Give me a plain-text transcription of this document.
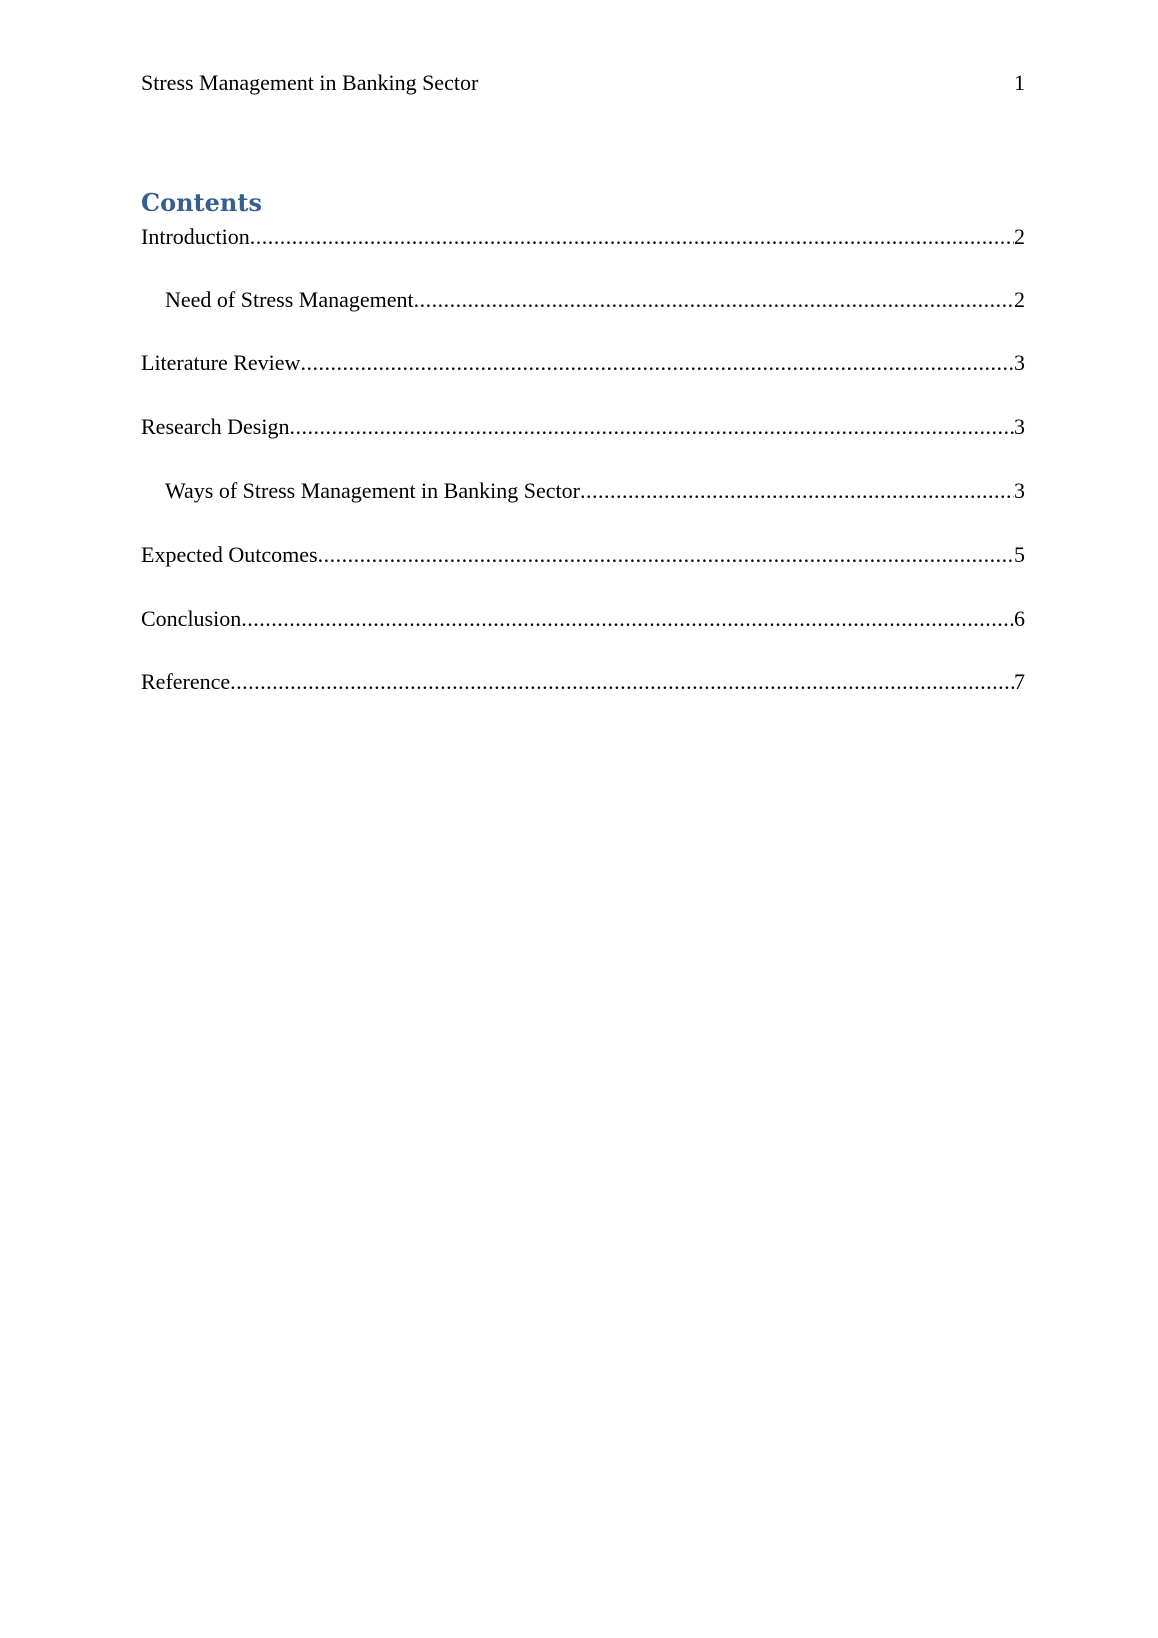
Stress Management in Banking Sector	1
Contents
Introduction .....	2
Need of Stress Management .....	2
Literature Review .....	3
Research Design .....	3
Ways of Stress Management in Banking Sector .....	3
Expected Outcomes .....	5
Conclusion .....	6
Reference .....	7
